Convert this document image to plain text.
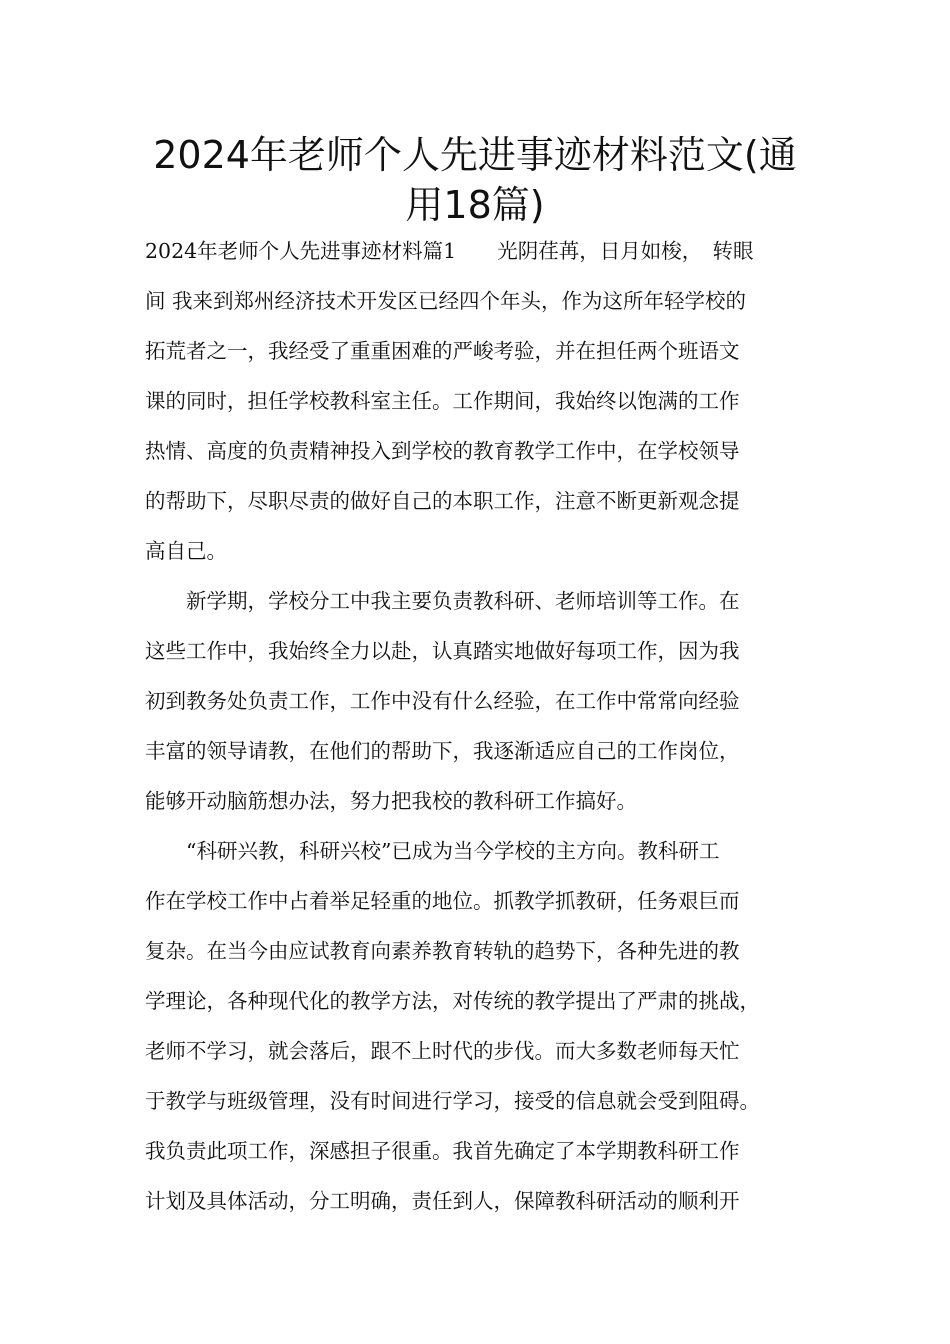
2024年老师个人先进事迹材料范文(通
用18篇)
2024年老师个人先进事迹材料篇1　　光阴荏苒，日月如梭，　转眼
间 我来到郑州经济技术开发区已经四个年头，作为这所年轻学校的
拓荒者之一，我经受了重重困难的严峻考验，并在担任两个班语文
课的同时，担任学校教科室主任。工作期间，我始终以饱满的工作
热情、高度的负责精神投入到学校的教育教学工作中，在学校领导
的帮助下，尽职尽责的做好自己的本职工作，注意不断更新观念提
高自己。
　　新学期，学校分工中我主要负责教科研、老师培训等工作。在
这些工作中，我始终全力以赴，认真踏实地做好每项工作，因为我
初到教务处负责工作，工作中没有什么经验，在工作中常常向经验
丰富的领导请教，在他们的帮助下，我逐渐适应自己的工作岗位，
能够开动脑筋想办法，努力把我校的教科研工作搞好。
　　“科研兴教，科研兴校”已成为当今学校的主方向。教科研工
作在学校工作中占着举足轻重的地位。抓教学抓教研，任务艰巨而
复杂。在当今由应试教育向素养教育转轨的趋势下，各种先进的教
学理论，各种现代化的教学方法，对传统的教学提出了严肃的挑战，
老师不学习，就会落后，跟不上时代的步伐。而大多数老师每天忙
于教学与班级管理，没有时间进行学习，接受的信息就会受到阻碍。
我负责此项工作，深感担子很重。我首先确定了本学期教科研工作
计划及具体活动，分工明确，责任到人，保障教科研活动的顺利开
